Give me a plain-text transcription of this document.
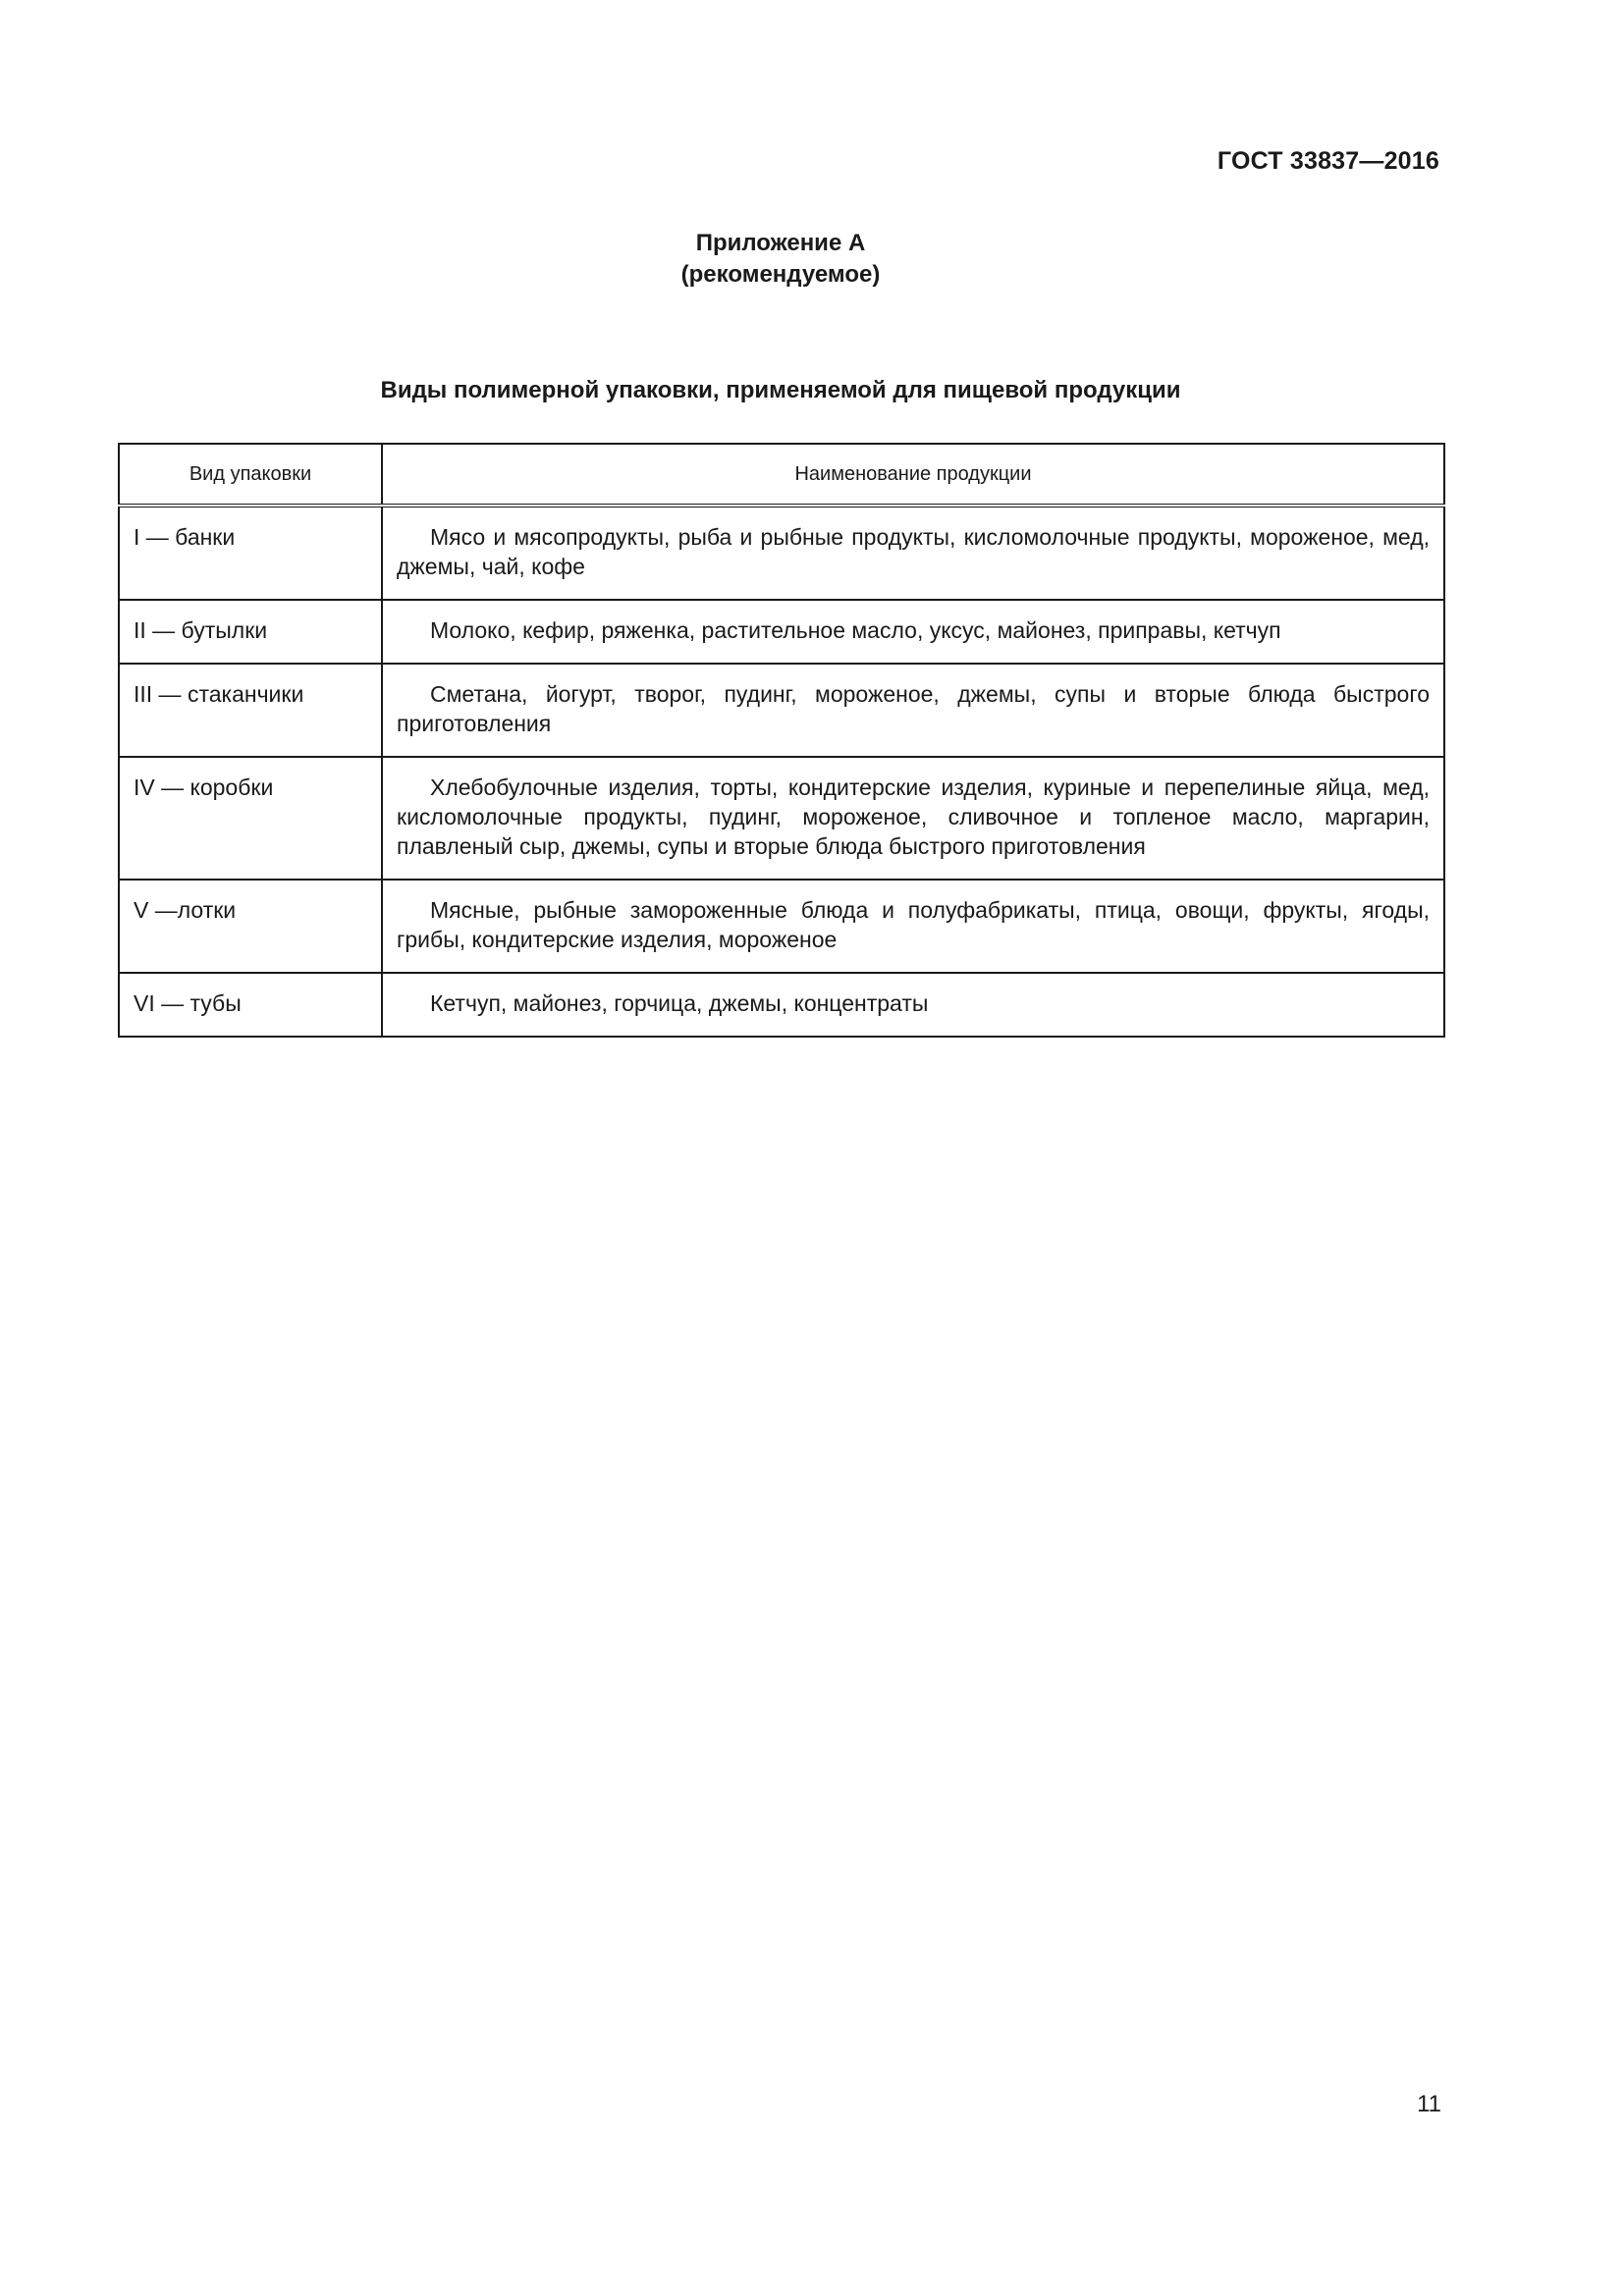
ГОСТ 33837—2016
Приложение А
(рекомендуемое)
Виды полимерной упаковки, применяемой для пищевой продукции
Вид упаковки	Наименование продукции
I — банки	Мясо и мясопродукты, рыба и рыбные продукты, кисломолочные продукты, мороженое, мед, джемы, чай, кофе
II — бутылки	Молоко, кефир, ряженка, растительное масло, уксус, майонез, приправы, кетчуп
III — стаканчики	Сметана, йогурт, творог, пудинг, мороженое, джемы, супы и вторые блюда быстрого приготовления
IV — коробки	Хлебобулочные изделия, торты, кондитерские изделия, куриные и перепелиные яйца, мед, кисломолочные продукты, пудинг, мороженое, сливочное и топленое масло, маргарин, плавленый сыр, джемы, супы и вторые блюда быстрого приготовления
V —лотки	Мясные, рыбные замороженные блюда и полуфабрикаты, птица, овощи, фрукты, ягоды, грибы, кондитерские изделия, мороженое
VI — тубы	Кетчуп, майонез, горчица, джемы, концентраты
11
